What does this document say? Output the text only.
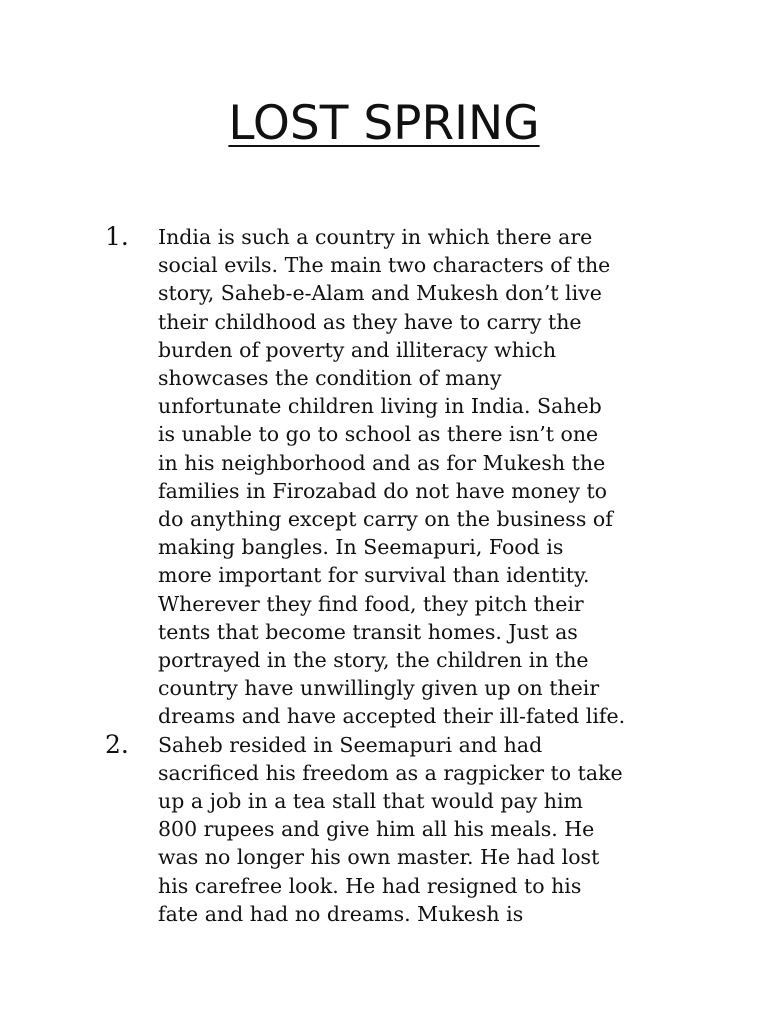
LOST SPRING
1. India is such a country in which there are
social evils. The main two characters of the
story, Saheb-e-Alam and Mukesh don’t live
their childhood as they have to carry the
burden of poverty and illiteracy which
showcases the condition of many
unfortunate children living in India. Saheb
is unable to go to school as there isn’t one
in his neighborhood and as for Mukesh the
families in Firozabad do not have money to
do anything except carry on the business of
making bangles. In Seemapuri, Food is
more important for survival than identity.
Wherever they find food, they pitch their
tents that become transit homes. Just as
portrayed in the story, the children in the
country have unwillingly given up on their
dreams and have accepted their ill-fated life.
2. Saheb resided in Seemapuri and had
sacrificed his freedom as a ragpicker to take
up a job in a tea stall that would pay him
800 rupees and give him all his meals. He
was no longer his own master. He had lost
his carefree look. He had resigned to his
fate and had no dreams. Mukesh is
